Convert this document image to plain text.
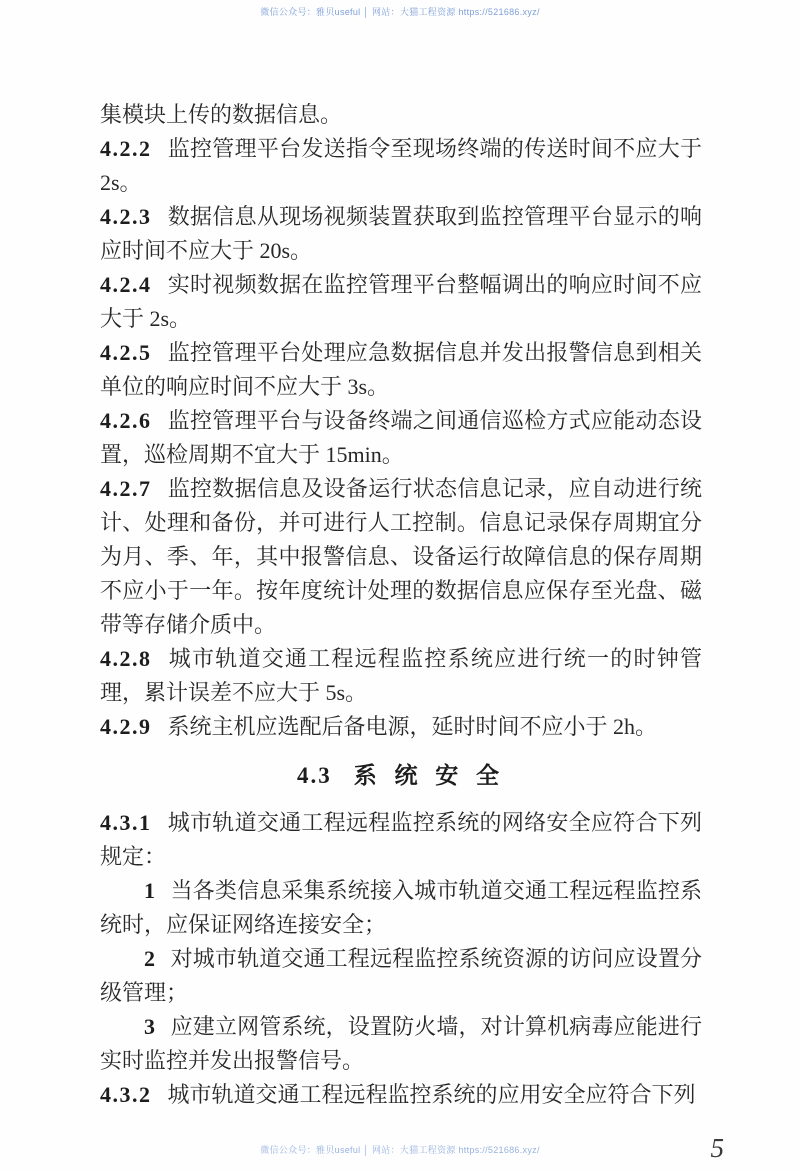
微信公众号：雅贝useful │ 网站：大猫工程资源 https://521686.xyz/

集模块上传的数据信息。

4.2.2 监控管理平台发送指令至现场终端的传送时间不应大于 2s。

4.2.3 数据信息从现场视频装置获取到监控管理平台显示的响应时间不应大于 20s。

4.2.4 实时视频数据在监控管理平台整幅调出的响应时间不应大于 2s。

4.2.5 监控管理平台处理应急数据信息并发出报警信息到相关单位的响应时间不应大于 3s。

4.2.6 监控管理平台与设备终端之间通信巡检方式应能动态设置，巡检周期不宜大于 15min。

4.2.7 监控数据信息及设备运行状态信息记录，应自动进行统计、处理和备份，并可进行人工控制。信息记录保存周期宜分为月、季、年，其中报警信息、设备运行故障信息的保存周期不应小于一年。按年度统计处理的数据信息应保存至光盘、磁带等存储介质中。

4.2.8 城市轨道交通工程远程监控系统应进行统一的时钟管理，累计误差不应大于 5s。

4.2.9 系统主机应选配后备电源，延时时间不应小于 2h。

4.3 系 统 安 全

4.3.1 城市轨道交通工程远程监控系统的网络安全应符合下列规定：

1 当各类信息采集系统接入城市轨道交通工程远程监控系统时，应保证网络连接安全；

2 对城市轨道交通工程远程监控系统资源的访问应设置分级管理；

3 应建立网管系统，设置防火墙，对计算机病毒应能进行实时监控并发出报警信号。

4.3.2 城市轨道交通工程远程监控系统的应用安全应符合下列

微信公众号：雅贝useful │ 网站：大猫工程资源 https://521686.xyz/	5
